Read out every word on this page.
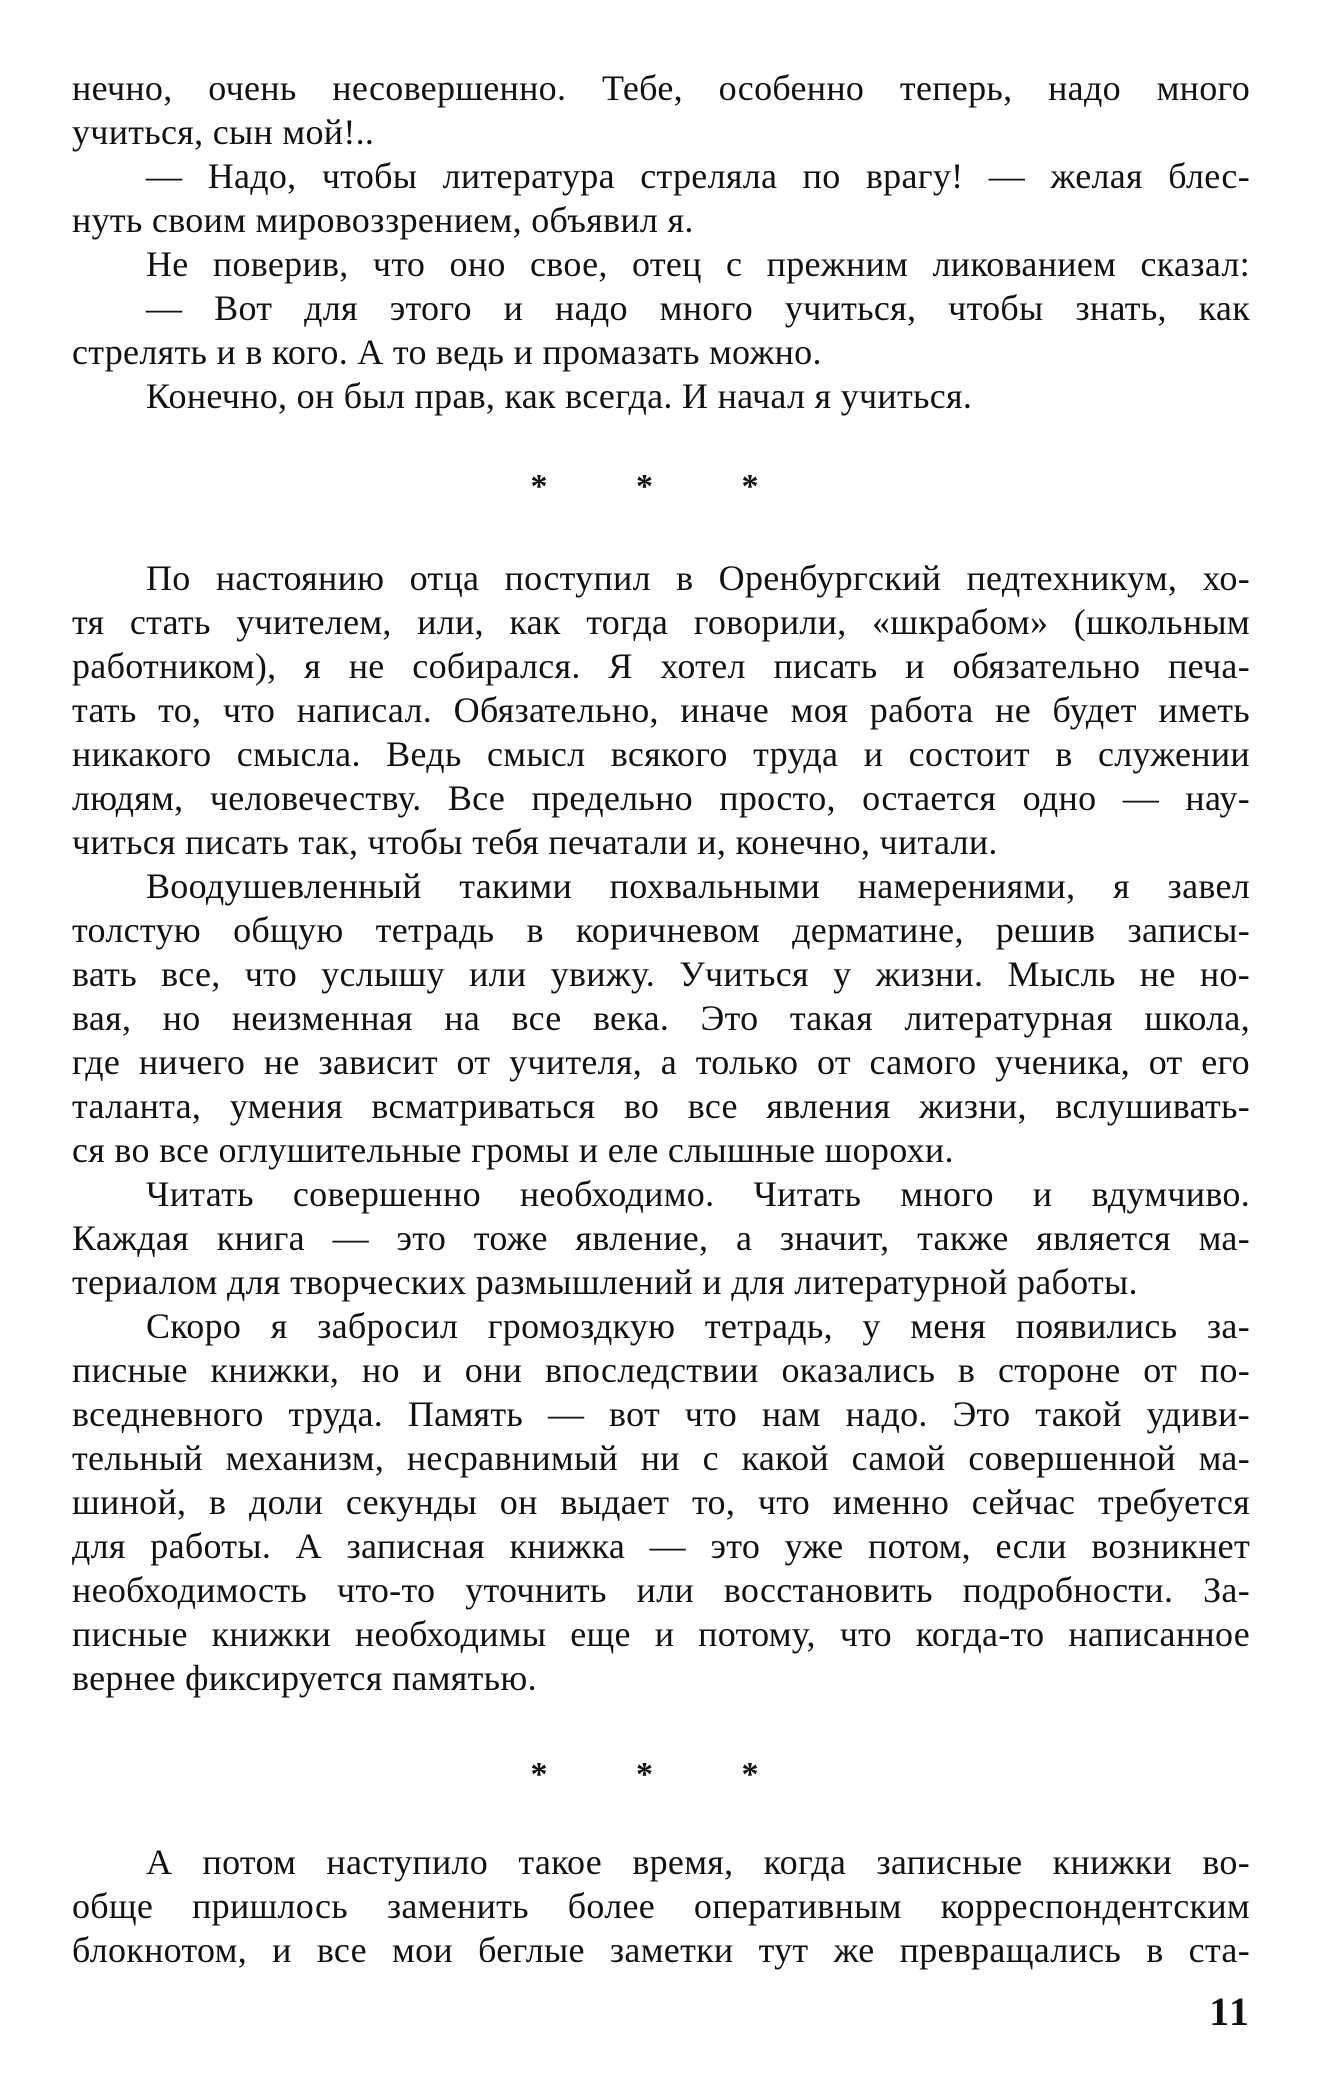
нечно, очень несовершенно. Тебе, особенно теперь, надо много
учиться, сын мой!..
— Надо, чтобы литература стреляла по врагу! — желая блес-
нуть своим мировоззрением, объявил я.
Не поверив, что оно свое, отец с прежним ликованием сказал:
— Вот для этого и надо много учиться, чтобы знать, как
стрелять и в кого. А то ведь и промазать можно.
Конечно, он был прав, как всегда. И начал я учиться.
* * *
По настоянию отца поступил в Оренбургский педтехникум, хо-
тя стать учителем, или, как тогда говорили, «шкрабом» (школьным
работником), я не собирался. Я хотел писать и обязательно печа-
тать то, что написал. Обязательно, иначе моя работа не будет иметь
никакого смысла. Ведь смысл всякого труда и состоит в служении
людям, человечеству. Все предельно просто, остается одно — нау-
читься писать так, чтобы тебя печатали и, конечно, читали.
Воодушевленный такими похвальными намерениями, я завел
толстую общую тетрадь в коричневом дерматине, решив записы-
вать все, что услышу или увижу. Учиться у жизни. Мысль не но-
вая, но неизменная на все века. Это такая литературная школа,
где ничего не зависит от учителя, а только от самого ученика, от его
таланта, умения всматриваться во все явления жизни, вслушивать-
ся во все оглушительные громы и еле слышные шорохи.
Читать совершенно необходимо. Читать много и вдумчиво.
Каждая книга — это тоже явление, а значит, также является ма-
териалом для творческих размышлений и для литературной работы.
Скоро я забросил громоздкую тетрадь, у меня появились за-
писные книжки, но и они впоследствии оказались в стороне от по-
вседневного труда. Память — вот что нам надо. Это такой удиви-
тельный механизм, несравнимый ни с какой самой совершенной ма-
шиной, в доли секунды он выдает то, что именно сейчас требуется
для работы. А записная книжка — это уже потом, если возникнет
необходимость что-то уточнить или восстановить подробности. За-
писные книжки необходимы еще и потому, что когда-то написанное
вернее фиксируется памятью.
* * *
А потом наступило такое время, когда записные книжки во-
обще пришлось заменить более оперативным корреспондентским
блокнотом, и все мои беглые заметки тут же превращались в ста-
11
